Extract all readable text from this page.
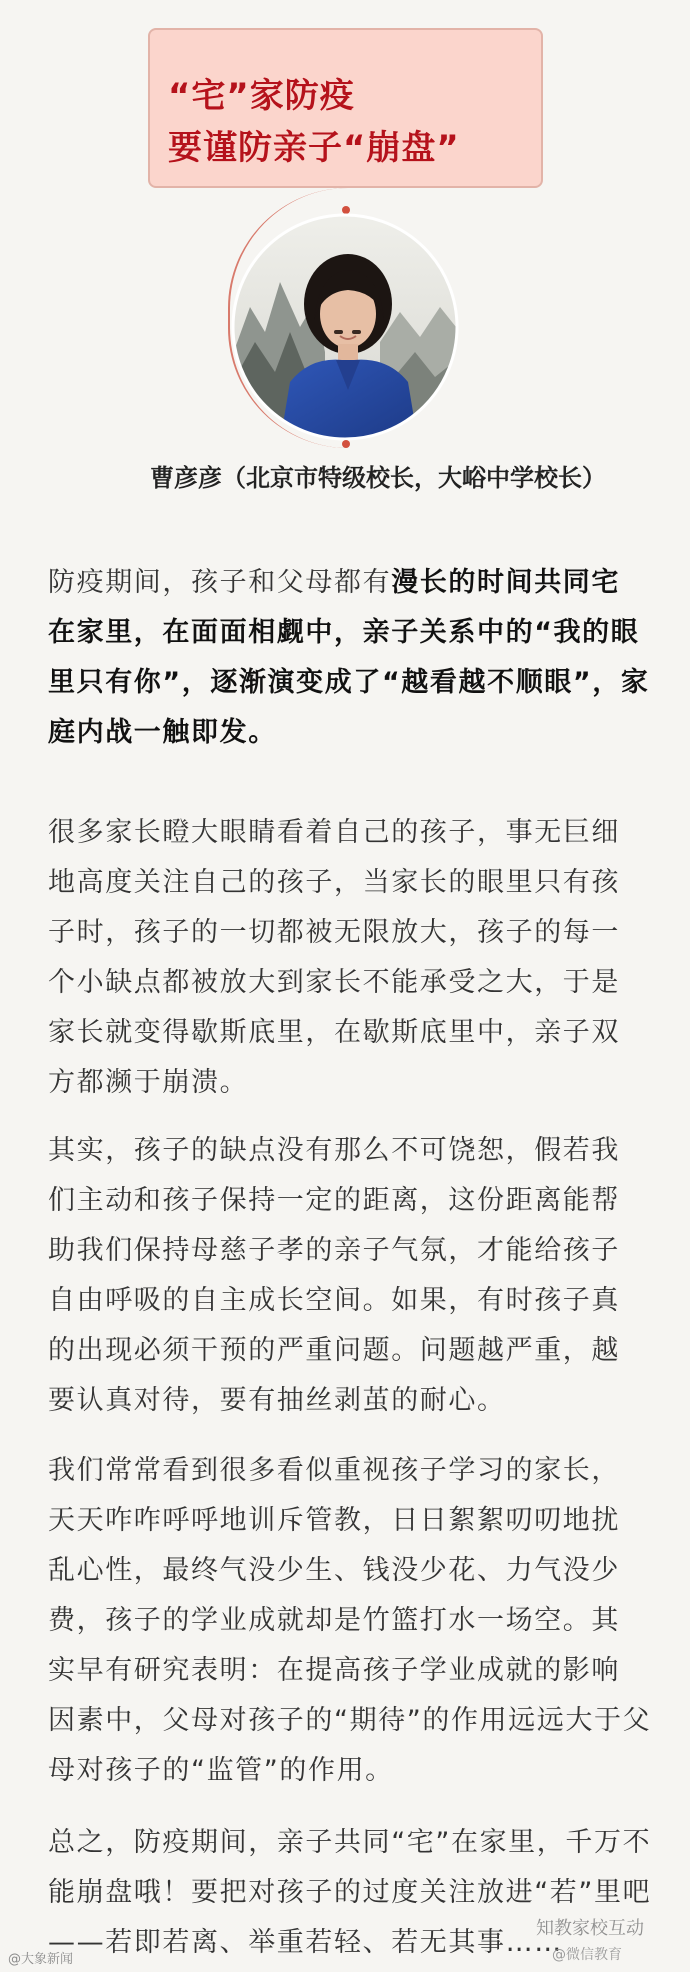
“宅”家防疫
要谨防亲子“崩盘”
曹彦彦（北京市特级校长，大峪中学校长）
防疫期间，孩子和父母都有漫长的时间共同宅
在家里，在面面相觑中，亲子关系中的“我的眼
里只有你”，逐渐演变成了“越看越不顺眼”，家
庭内战一触即发。
很多家长瞪大眼睛看着自己的孩子，事无巨细
地高度关注自己的孩子，当家长的眼里只有孩
子时，孩子的一切都被无限放大，孩子的每一
个小缺点都被放大到家长不能承受之大，于是
家长就变得歇斯底里，在歇斯底里中，亲子双
方都濒于崩溃。
其实，孩子的缺点没有那么不可饶恕，假若我
们主动和孩子保持一定的距离，这份距离能帮
助我们保持母慈子孝的亲子气氛，才能给孩子
自由呼吸的自主成长空间。如果，有时孩子真
的出现必须干预的严重问题。问题越严重，越
要认真对待，要有抽丝剥茧的耐心。
我们常常看到很多看似重视孩子学习的家长，
天天咋咋呼呼地训斥管教，日日絮絮叨叨地扰
乱心性，最终气没少生、钱没少花、力气没少
费，孩子的学业成就却是竹篮打水一场空。其
实早有研究表明：在提高孩子学业成就的影响
因素中，父母对孩子的“期待”的作用远远大于父
母对孩子的“监管”的作用。
总之，防疫期间，亲子共同“宅”在家里，千万不
能崩盘哦！要把对孩子的过度关注放进“若”里吧
——若即若离、举重若轻、若无其事……
@大象新闻
知教家校互动
@微信教育
